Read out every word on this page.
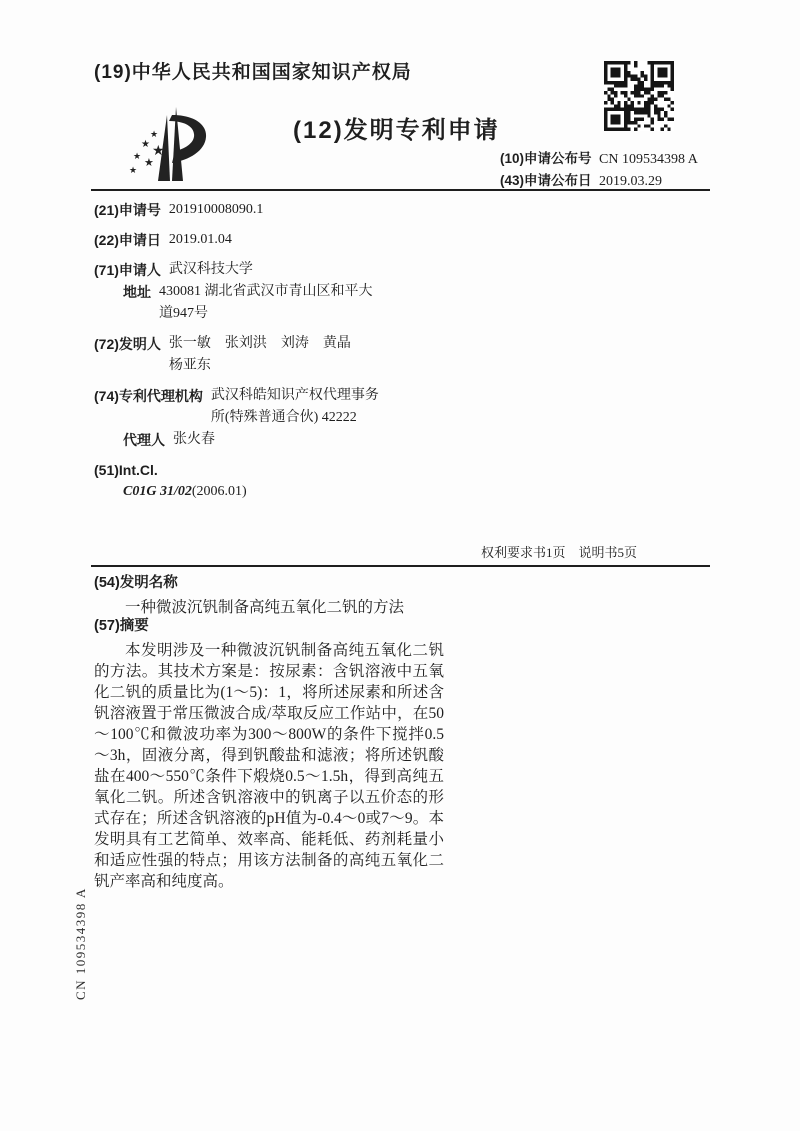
(19)中华人民共和国国家知识产权局
★
★ ★
★
★
★
(12)发明专利申请
(10)申请公布号 CN 109534398 A
(43)申请公布日 2019.03.29
(21)申请号 201910008090.1
(22)申请日 2019.01.04
(71)申请人 武汉科技大学
地址 430081 湖北省武汉市青山区和平大道947号
(72)发明人 张一敏　张刘洪　刘涛　黄晶　杨亚东
(74)专利代理机构 武汉科皓知识产权代理事务所(特殊普通合伙) 42222
代理人 张火春
(51)Int.Cl.
C01G 31/02 (2006.01)
权利要求书1页　说明书5页
(54)发明名称
一种微波沉钒制备高纯五氧化二钒的方法
(57)摘要
本发明涉及一种微波沉钒制备高纯五氧化二钒的方法。其技术方案是：按尿素：含钒溶液中五氧化二钒的质量比为(1～5)：1，将所述尿素和所述含钒溶液置于常压微波合成/萃取反应工作站中，在50～100℃和微波功率为300～800W的条件下搅拌0.5～3h，固液分离，得到钒酸盐和滤液；将所述钒酸盐在400～550℃条件下煅烧0.5～1.5h，得到高纯五氧化二钒。所述含钒溶液中的钒离子以五价态的形式存在；所述含钒溶液的pH值为-0.4～0或7～9。本发明具有工艺简单、效率高、能耗低、药剂耗量小和适应性强的特点；用该方法制备的高纯五氧化二钒产率高和纯度高。
CN 109534398 A
